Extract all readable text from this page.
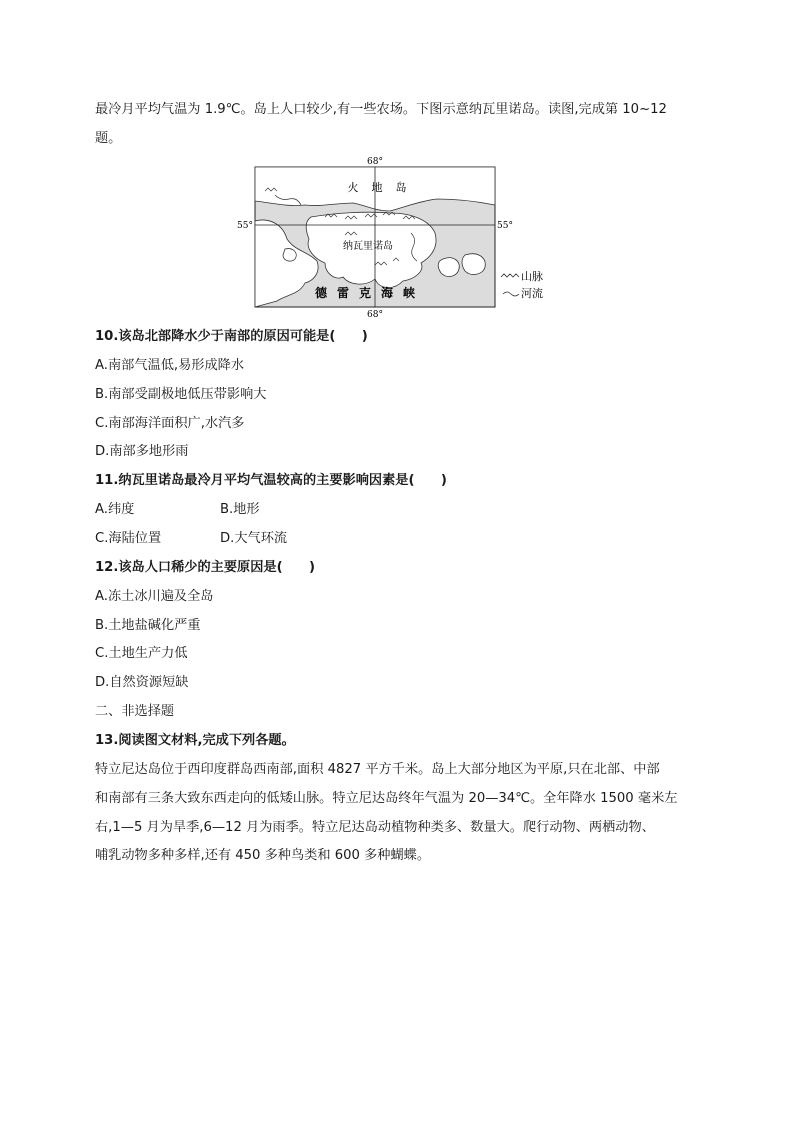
最冷月平均气温为 1.9℃。岛上人口较少,有一些农场。下图示意纳瓦里诺岛。读图,完成第 10~12
题。
68°
68°
55°	55°
火 地 岛
纳瓦里诺岛
德 雷 克 海 峡
山脉
河流
10.该岛北部降水少于南部的原因可能是(　　)
A.南部气温低,易形成降水
B.南部受副极地低压带影响大
C.南部海洋面积广,水汽多
D.南部多地形雨
11.纳瓦里诺岛最冷月平均气温较高的主要影响因素是(　　)
A.纬度	B.地形
C.海陆位置	D.大气环流
12.该岛人口稀少的主要原因是(　　)
A.冻土冰川遍及全岛
B.土地盐碱化严重
C.土地生产力低
D.自然资源短缺
二、非选择题
13.阅读图文材料,完成下列各题。
特立尼达岛位于西印度群岛西南部,面积 4827 平方千米。岛上大部分地区为平原,只在北部、中部
和南部有三条大致东西走向的低矮山脉。特立尼达岛终年气温为 20—34℃。全年降水 1500 毫米左
右,1—5 月为旱季,6—12 月为雨季。特立尼达岛动植物种类多、数量大。爬行动物、两栖动物、
哺乳动物多种多样,还有 450 多种鸟类和 600 多种蝴蝶。
